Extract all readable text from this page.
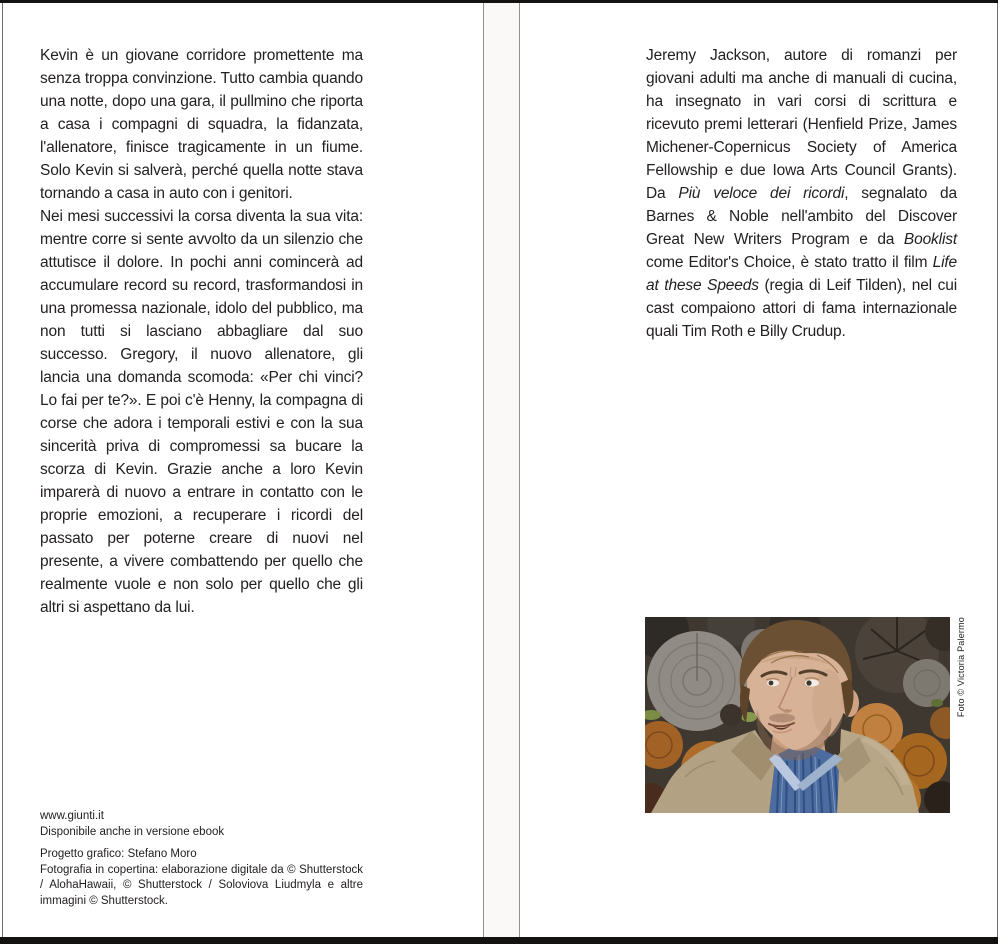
Kevin è un giovane corridore promettente ma senza troppa convinzione. Tutto cambia quando una notte, dopo una gara, il pullmino che riporta a casa i compagni di squadra, la fidanzata, l'allenatore, finisce tragicamente in un fiume. Solo Kevin si salverà, perché quella notte stava tornando a casa in auto con i genitori.

Nei mesi successivi la corsa diventa la sua vita: mentre corre si sente avvolto da un silenzio che attutisce il dolore. In pochi anni comincerà ad accumulare record su record, trasformandosi in una promessa nazionale, idolo del pubblico, ma non tutti si lasciano abbagliare dal suo successo. Gregory, il nuovo allenatore, gli lancia una domanda scomoda: «Per chi vinci? Lo fai per te?». E poi c'è Henny, la compagna di corse che adora i temporali estivi e con la sua sincerità priva di compromessi sa bucare la scorza di Kevin. Grazie anche a loro Kevin imparerà di nuovo a entrare in contatto con le proprie emozioni, a recuperare i ricordi del passato per poterne creare di nuovi nel presente, a vivere combattendo per quello che realmente vuole e non solo per quello che gli altri si aspettano da lui.

www.giunti.it
Disponibile anche in versione ebook
Progetto grafico: Stefano Moro
Fotografia in copertina: elaborazione digitale da © Shutterstock / AlohaHawaii, © Shutterstock / Soloviova Liudmyla e altre immagini © Shutterstock.

Jeremy Jackson, autore di romanzi per giovani adulti ma anche di manuali di cucina, ha insegnato in vari corsi di scrittura e ricevuto premi letterari (Henfield Prize, James Michener-Copernicus Society of America Fellowship e due Iowa Arts Council Grants). Da Più veloce dei ricordi, segnalato da Barnes & Noble nell'ambito del Discover Great New Writers Program e da Booklist come Editor's Choice, è stato tratto il film Life at these Speeds (regia di Leif Tilden), nel cui cast compaiono attori di fama internazionale quali Tim Roth e Billy Crudup.

Foto © Victoria Palermo
